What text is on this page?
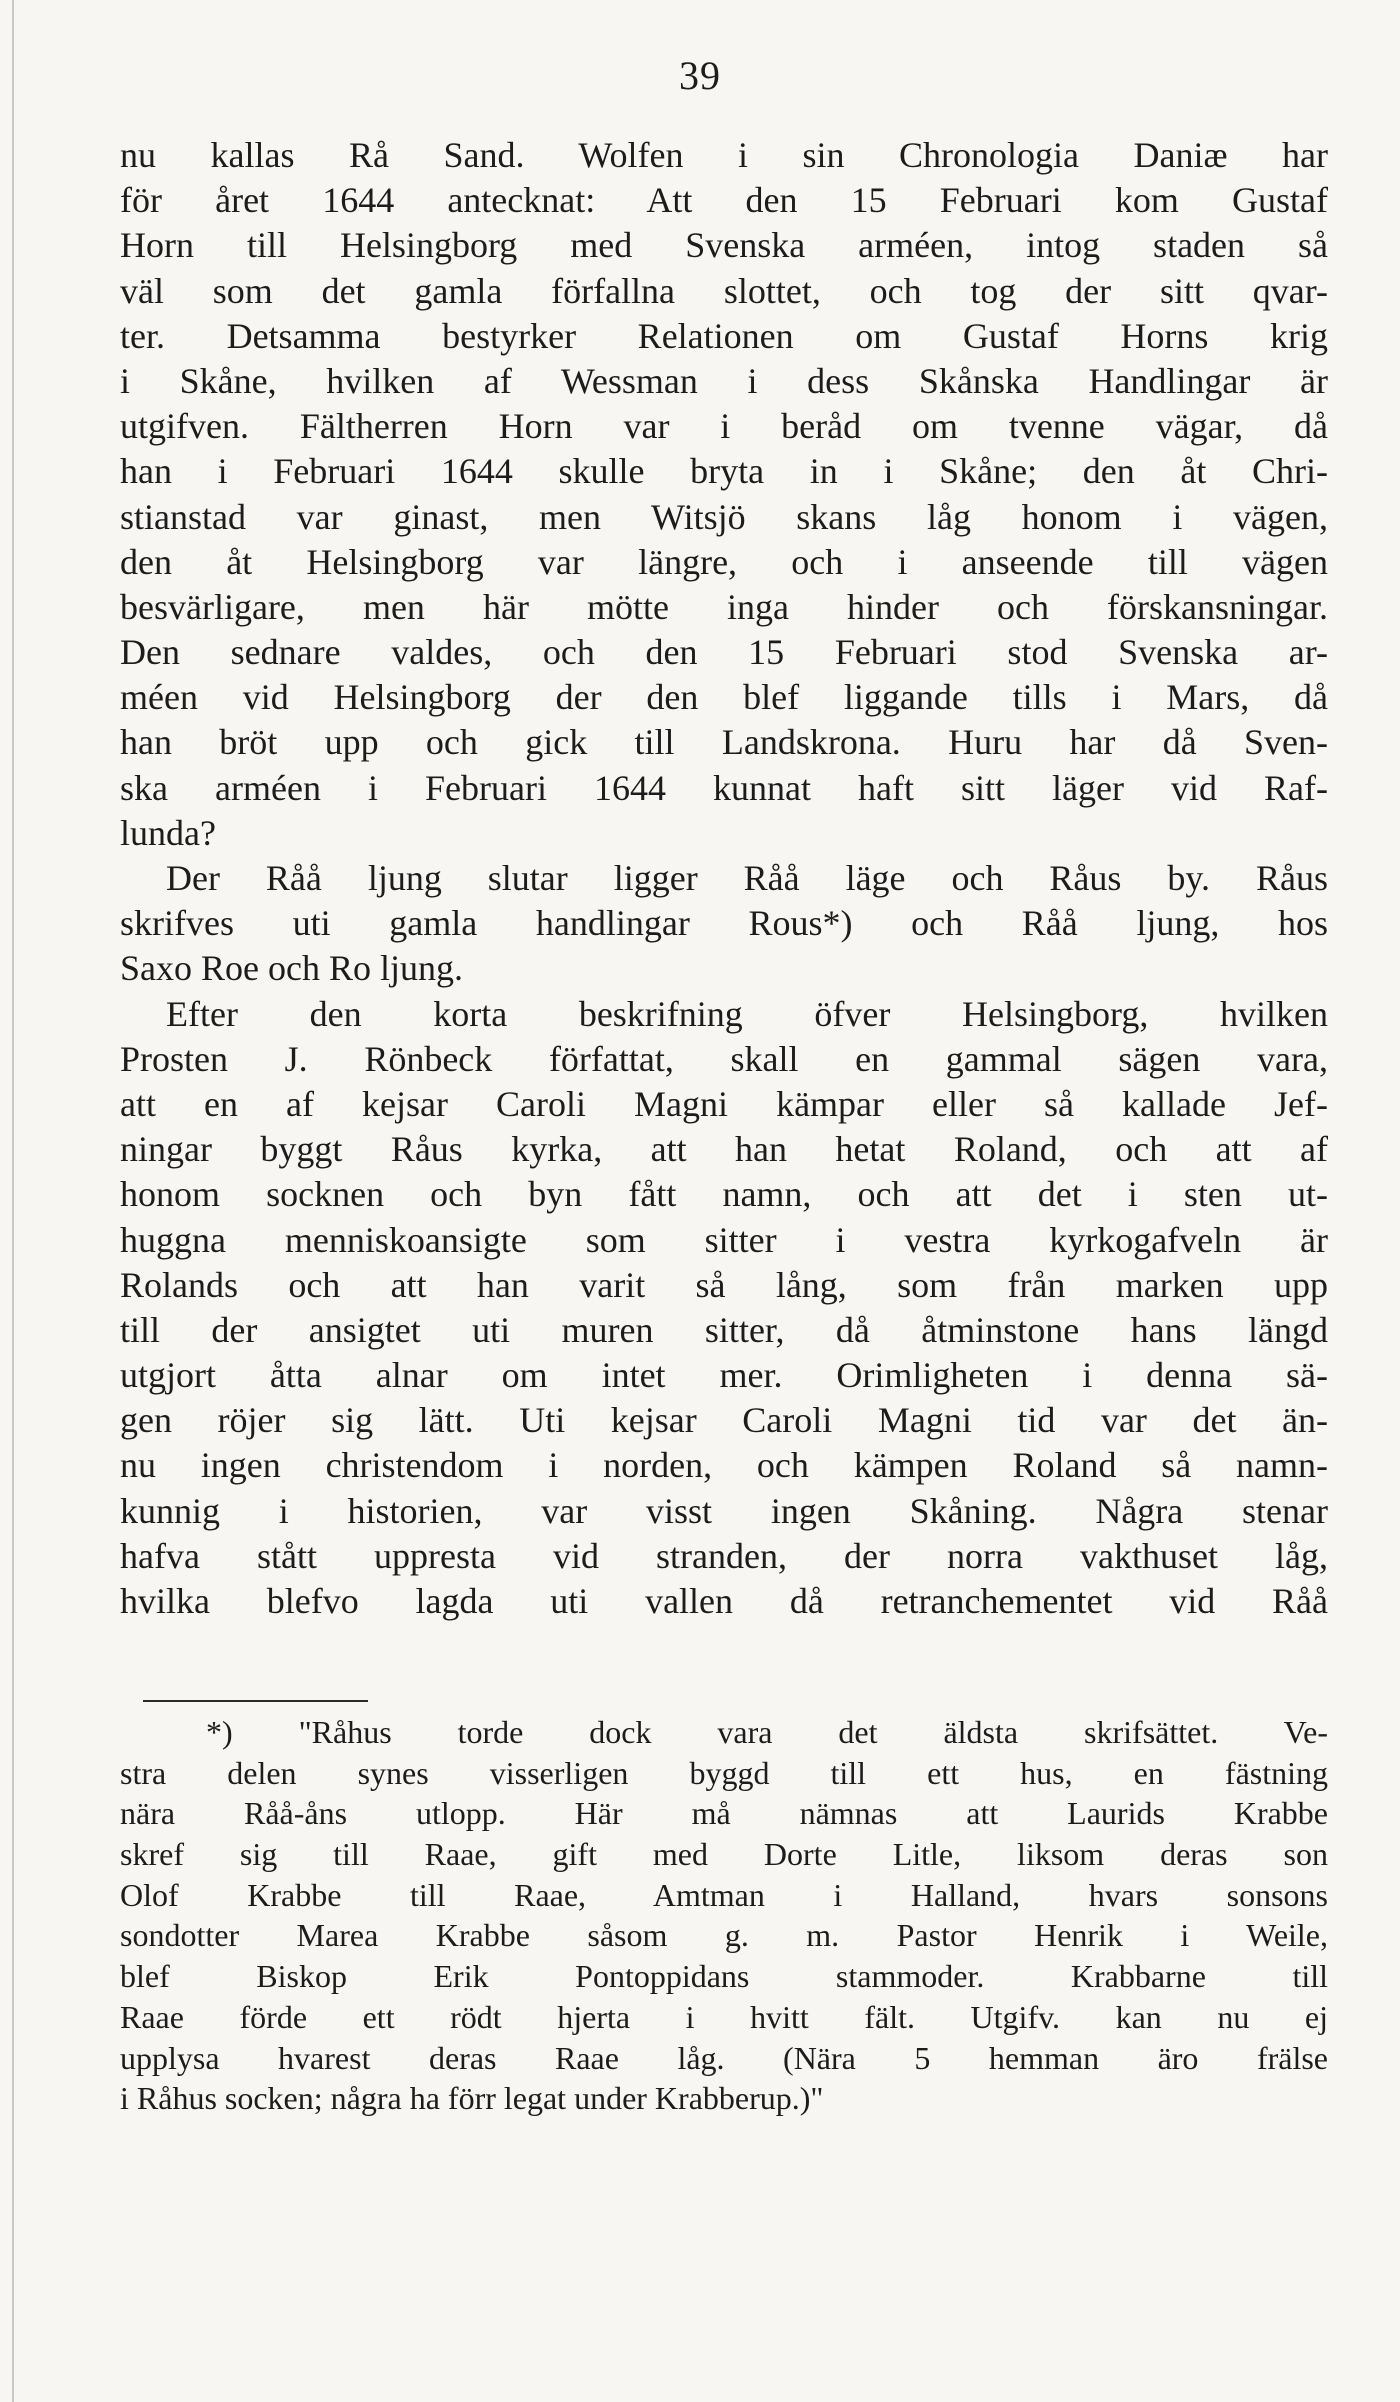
39
nu kallas Rå Sand. Wolfen i sin Chronologia Daniæ har
för året 1644 antecknat: Att den 15 Februari kom Gustaf
Horn till Helsingborg med Svenska arméen, intog staden så
väl som det gamla förfallna slottet, och tog der sitt qvar-
ter. Detsamma bestyrker Relationen om Gustaf Horns krig
i Skåne, hvilken af Wessman i dess Skånska Handlingar är
utgifven. Fältherren Horn var i beråd om tvenne vägar, då
han i Februari 1644 skulle bryta in i Skåne; den åt Chri-
stianstad var ginast, men Witsjö skans låg honom i vägen,
den åt Helsingborg var längre, och i anseende till vägen
besvärligare, men här mötte inga hinder och förskansningar.
Den sednare valdes, och den 15 Februari stod Svenska ar-
méen vid Helsingborg der den blef liggande tills i Mars, då
han bröt upp och gick till Landskrona. Huru har då Sven-
ska arméen i Februari 1644 kunnat haft sitt läger vid Raf-
lunda?
Der Råå ljung slutar ligger Råå läge och Råus by. Råus
skrifves uti gamla handlingar Rous*) och Råå ljung, hos
Saxo Roe och Ro ljung.
Efter den korta beskrifning öfver Helsingborg, hvilken
Prosten J. Rönbeck författat, skall en gammal sägen vara,
att en af kejsar Caroli Magni kämpar eller så kallade Jef-
ningar byggt Råus kyrka, att han hetat Roland, och att af
honom socknen och byn fått namn, och att det i sten ut-
huggna menniskoansigte som sitter i vestra kyrkogafveln är
Rolands och att han varit så lång, som från marken upp
till der ansigtet uti muren sitter, då åtminstone hans längd
utgjort åtta alnar om intet mer. Orimligheten i denna sä-
gen röjer sig lätt. Uti kejsar Caroli Magni tid var det än-
nu ingen christendom i norden, och kämpen Roland så namn-
kunnig i historien, var visst ingen Skåning. Några stenar
hafva stått uppresta vid stranden, der norra vakthuset låg,
hvilka blefvo lagda uti vallen då retranchementet vid Råå
*) "Råhus torde dock vara det äldsta skrifsättet. Ve-
stra delen synes visserligen byggd till ett hus, en fästning
nära Råå-åns utlopp. Här må nämnas att Laurids Krabbe
skref sig till Raae, gift med Dorte Litle, liksom deras son
Olof Krabbe till Raae, Amtman i Halland, hvars sonsons
sondotter Marea Krabbe såsom g. m. Pastor Henrik i Weile,
blef Biskop Erik Pontoppidans stammoder. Krabbarne till
Raae förde ett rödt hjerta i hvitt fält. Utgifv. kan nu ej
upplysa hvarest deras Raae låg. (Nära 5 hemman äro frälse
i Råhus socken; några ha förr legat under Krabberup.)"
